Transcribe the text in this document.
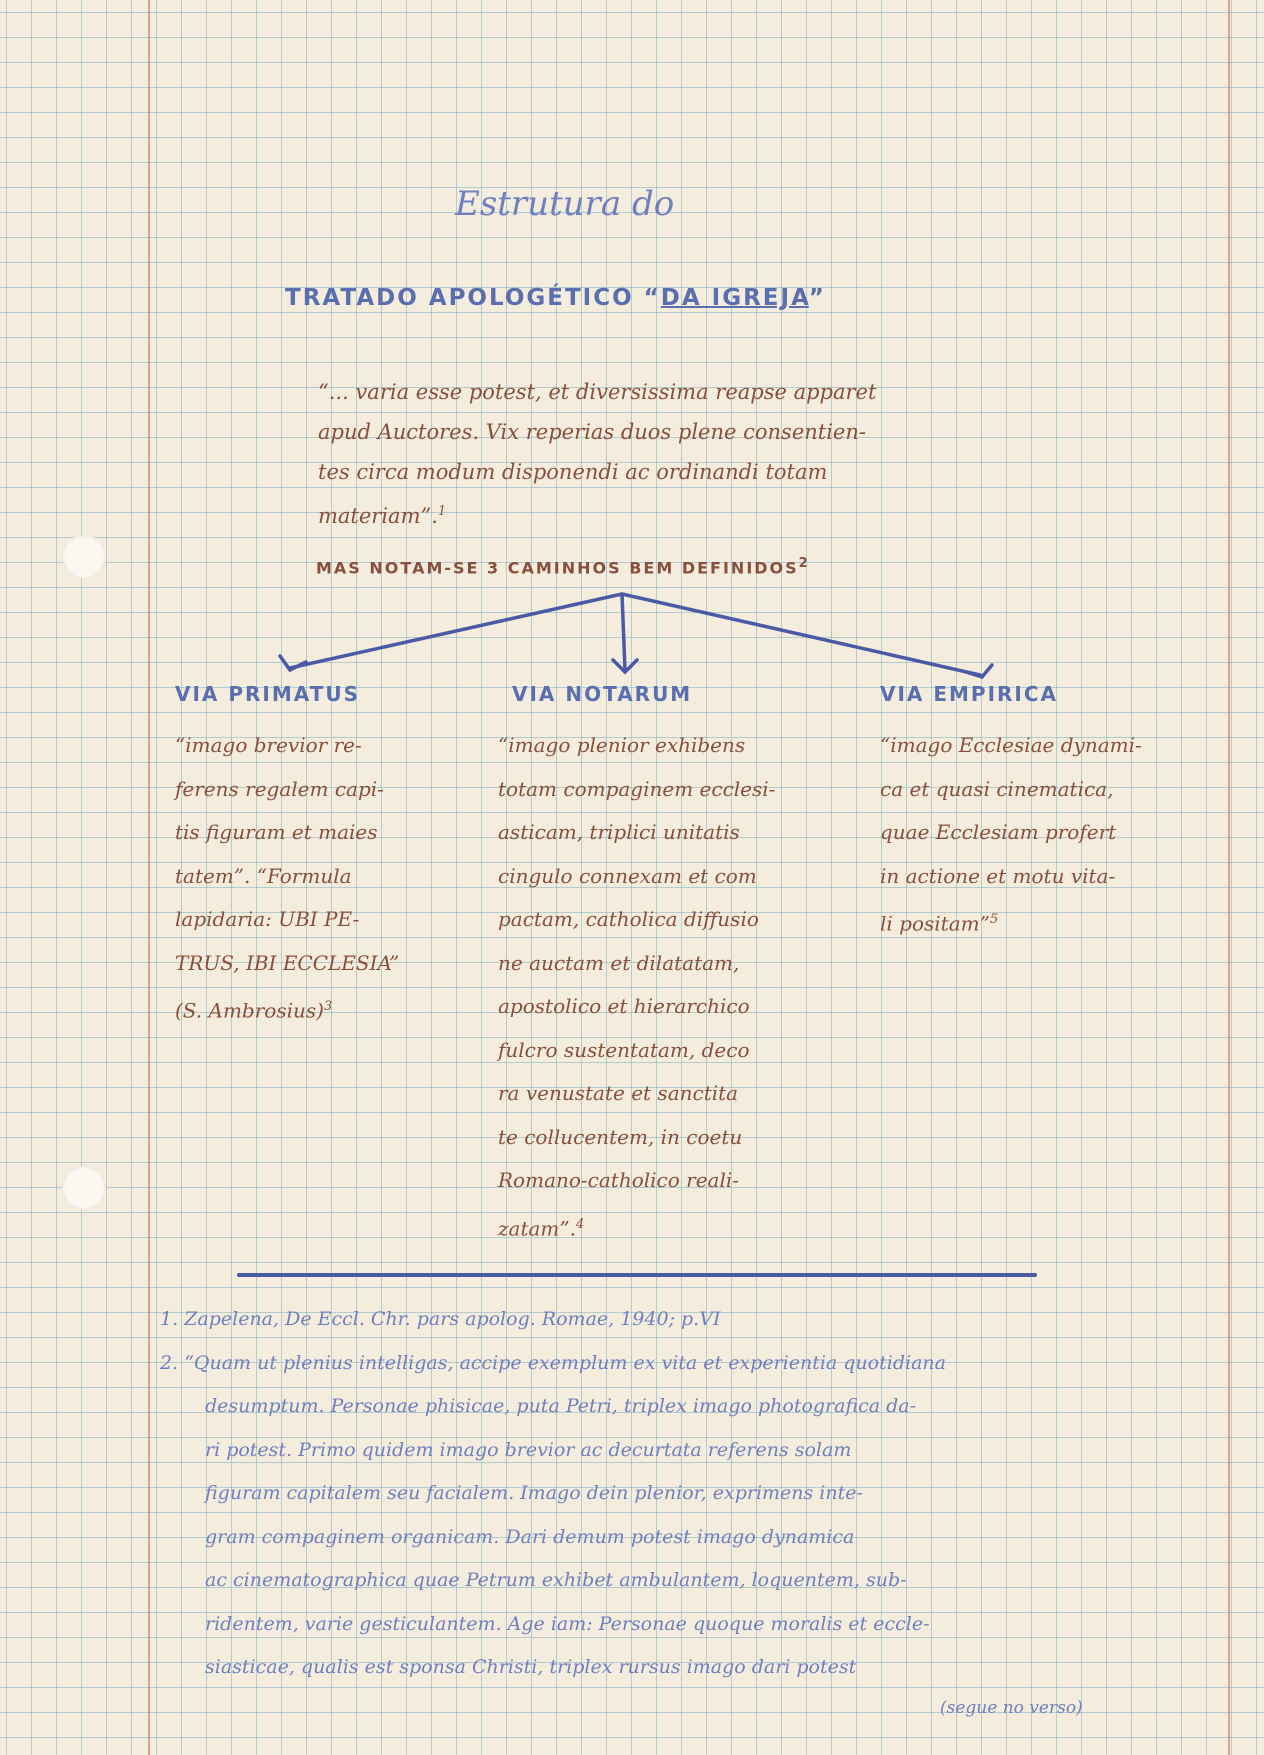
Estrutura do
TRATADO APOLOGÉTICO “DA IGREJA”
“... varia esse potest, et diversissima reapse apparet
apud Auctores. Vix reperias duos plene consentien-
tes circa modum disponendi ac ordinandi totam
materiam”.$^1$
MAS NOTAM-SE 3 CAMINHOS BEM DEFINIDOS$^2$
VIA PRIMATUS
“imago brevior re-
ferens regalem capi-
tis figuram et maies
tatem”. “Formula
lapidaria: UBI PE-
TRUS, IBI ECCLESIA”
(S. Ambrosius)$^3$
VIA NOTARUM
“imago plenior exhibens
totam compaginem ecclesi-
asticam, triplici unitatis
cingulo connexam et com
pactam, catholica diffusio
ne auctam et dilatatam,
apostolico et hierarchico
fulcro sustentatam, deco
ra venustate et sanctita
te collucentem, in coetu
Romano-catholico reali-
zatam”.$^4$
VIA EMPIRICA
“imago Ecclesiae dynami-
ca et quasi cinematica,
quae Ecclesiam profert
in actione et motu vita-
li positam”$^5$
1. Zapelena, De Eccl. Chr. pars apolog. Romae, 1940; p.VI
2. “Quam ut plenius intelligas, accipe exemplum ex vita et experientia quotidiana
desumptum. Personae phisicae, puta Petri, triplex imago photografica da-
ri potest. Primo quidem imago brevior ac decurtata referens solam
figuram capitalem seu facialem. Imago dein plenior, exprimens inte-
gram compaginem organicam. Dari demum potest imago dynamica
ac cinematographica quae Petrum exhibet ambulantem, loquentem, sub-
ridentem, varie gesticulantem. Age iam: Personae quoque moralis et eccle-
siasticae, qualis est sponsa Christi, triplex rursus imago dari potest
(segue no verso)
